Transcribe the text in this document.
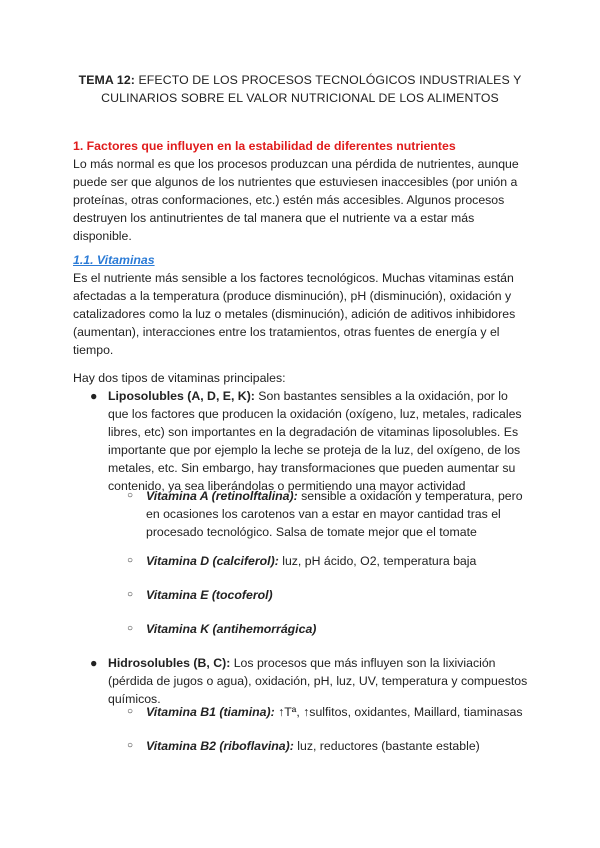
TEMA 12: EFECTO DE LOS PROCESOS TECNOLÓGICOS INDUSTRIALES Y CULINARIOS SOBRE EL VALOR NUTRICIONAL DE LOS ALIMENTOS
1. Factores que influyen en la estabilidad de diferentes nutrientes
Lo más normal es que los procesos produzcan una pérdida de nutrientes, aunque puede ser que algunos de los nutrientes que estuviesen inaccesibles (por unión a proteínas, otras conformaciones, etc.) estén más accesibles. Algunos procesos destruyen los antinutrientes de tal manera que el nutriente va a estar más disponible.
1.1. Vitaminas
Es el nutriente más sensible a los factores tecnológicos. Muchas vitaminas están afectadas a la temperatura (produce disminución), pH (disminución), oxidación y catalizadores como la luz o metales (disminución), adición de aditivos inhibidores (aumentan), interacciones entre los tratamientos, otras fuentes de energía y el tiempo.
Hay dos tipos de vitaminas principales:
● Liposolubles (A, D, E, K): Son bastantes sensibles a la oxidación, por lo que los factores que producen la oxidación (oxígeno, luz, metales, radicales libres, etc) son importantes en la degradación de vitaminas liposolubles. Es importante que por ejemplo la leche se proteja de la luz, del oxígeno, de los metales, etc. Sin embargo, hay transformaciones que pueden aumentar su contenido, ya sea liberándolas o permitiendo una mayor actividad
○	Vitamina A (retinolftalina): sensible a oxidación y temperatura, pero en ocasiones los carotenos van a estar en mayor cantidad tras el procesado tecnológico. Salsa de tomate mejor que el tomate
○	Vitamina D (calciferol): luz, pH ácido, O2, temperatura baja
○	Vitamina E (tocoferol)
○	Vitamina K (antihemorrágica)
● Hidrosolubles (B, C): Los procesos que más influyen son la lixiviación (pérdida de jugos o agua), oxidación, pH, luz, UV, temperatura y compuestos químicos.
○	Vitamina B1 (tiamina): ↑Tª, ↑sulfitos, oxidantes, Maillard, tiaminasas
○	Vitamina B2 (riboflavina): luz, reductores (bastante estable)
